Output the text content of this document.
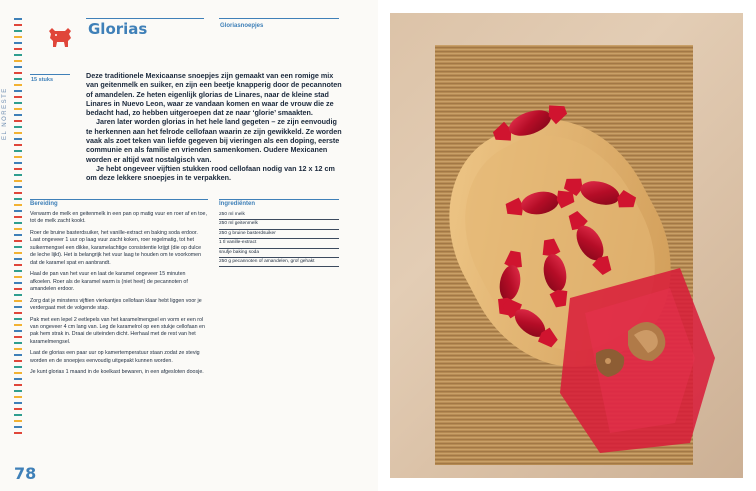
EL NORESTE
Glorias	Gloriasnoepjes
15 stuks	Deze traditionele Mexicaanse snoepjes zijn gemaakt van een romige mix van geitenmelk en suiker, en zijn een beetje knapperig door de pecannoten of amandelen. Ze heten eigenlijk glorias de Linares, naar de kleine stad Linares in Nuevo Leon, waar ze vandaan komen en waar de vrouw die ze bedacht had, zo hebben uitgeroepen dat ze naar ‘glorie’ smaakten.

Jaren later worden glorias in het hele land gegeten – ze zijn eenvoudig te herkennen aan het felrode cellofaan waarin ze zijn gewikkeld. Ze worden vaak als zoet teken van liefde gegeven bij vieringen als een doping, eerste communie en als familie en vrienden samenkomen. Oudere Mexicanen worden er altijd wat nostalgisch van.

Je hebt ongeveer vijftien stukken rood cellofaan nodig van 12 x 12 cm om deze lekkere snoepjes in te verpakken.

Bereiding

Verwarm de melk en geitenmelk in een pan op matig vuur en roer af en toe, tot de melk zacht kookt.

Roer de bruine basterdsuiker, het vanille-extract en baking soda erdoor. Laat ongeveer 1 uur op laag vuur zacht koken, roer regelmatig, tot het suikermengsel een dikke, karamelachtige consistentie krijgt (die op dulce de leche lijkt). Het is belangrijk het vuur laag te houden om te voorkomen dat de karamel spat en aanbrandt.

Haal de pan van het vuur en laat de karamel ongeveer 15 minuten afkoelen. Roer als de karamel warm is (niet heet) de pecannoten of amandelen erdoor.

Zorg dat je minstens vijftien vierkantjes cellofaan klaar hebt liggen voor je verdergaat met de volgende stap.

Pak met een lepel 2 eetlepels van het karamelmengsel en vorm er een rol van ongeveer 4 cm lang van. Leg de karamelrol op een stukje cellofaan en pak hem strak in. Draai de uiteinden dicht. Herhaal met de rest van het karamelmengsel.

Laat de glorias een paar uur op kamertemperatuur staan zodat ze stevig worden en de snoepjes eenvoudig uitgepakt kunnen worden.

Je kunt glorias 1 maand in de koelkast bewaren, in een afgesloten doosje.

Ingrediënten
250 ml melk
250 ml geitenmelk
250 g bruine basterdsuiker
1 tl vanille-extract
snufje baking soda
250 g pecannoten of amandelen, grof gehakt
78
